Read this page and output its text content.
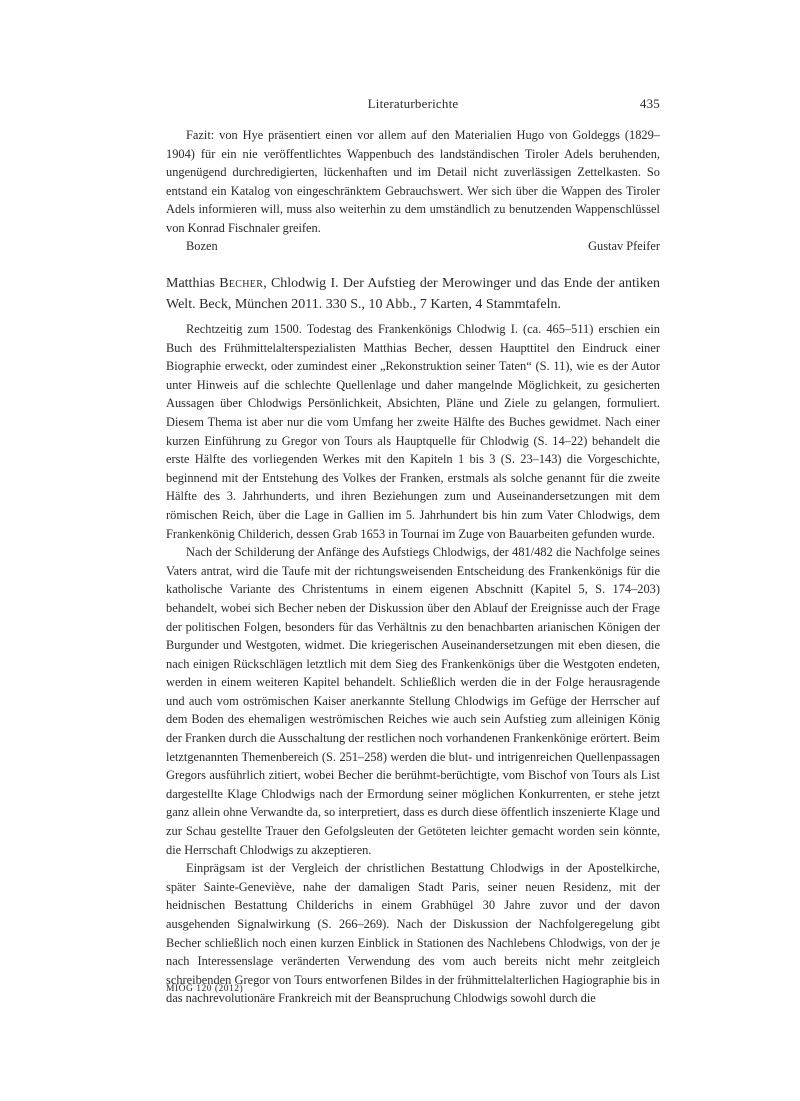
Literaturberichte	435

Fazit: von Hye präsentiert einen vor allem auf den Materialien Hugo von Goldeggs (1829–1904) für ein nie veröffentlichtes Wappenbuch des landständischen Tiroler Adels beruhenden, ungenügend durchredigierten, lückenhaften und im Detail nicht zuverlässigen Zettelkasten. So entstand ein Katalog von eingeschränktem Gebrauchswert. Wer sich über die Wappen des Tiroler Adels informieren will, muss also weiterhin zu dem umständlich zu benutzenden Wappenschlüssel von Konrad Fischnaler greifen.

Bozen	Gustav Pfeifer
Matthias Becher, Chlodwig I. Der Aufstieg der Merowinger und das Ende der antiken Welt. Beck, München 2011. 330 S., 10 Abb., 7 Karten, 4 Stammtafeln.

Rechtzeitig zum 1500. Todestag des Frankenkönigs Chlodwig I. (ca. 465–511) erschien ein Buch des Frühmittelalterspezialisten Matthias Becher, dessen Haupttitel den Eindruck einer Biographie erweckt, oder zumindest einer „Rekonstruktion seiner Taten“ (S. 11), wie es der Autor unter Hinweis auf die schlechte Quellenlage und daher mangelnde Möglichkeit, zu gesicherten Aussagen über Chlodwigs Persönlichkeit, Absichten, Pläne und Ziele zu gelangen, formuliert. Diesem Thema ist aber nur die vom Umfang her zweite Hälfte des Buches gewidmet. Nach einer kurzen Einführung zu Gregor von Tours als Hauptquelle für Chlodwig (S. 14–22) behandelt die erste Hälfte des vorliegenden Werkes mit den Kapiteln 1 bis 3 (S. 23–143) die Vorgeschichte, beginnend mit der Entstehung des Volkes der Franken, erstmals als solche genannt für die zweite Hälfte des 3. Jahrhunderts, und ihren Beziehungen zum und Auseinandersetzungen mit dem römischen Reich, über die Lage in Gallien im 5. Jahrhundert bis hin zum Vater Chlodwigs, dem Frankenkönig Childerich, dessen Grab 1653 in Tournai im Zuge von Bauarbeiten gefunden wurde.

Nach der Schilderung der Anfänge des Aufstiegs Chlodwigs, der 481/482 die Nachfolge seines Vaters antrat, wird die Taufe mit der richtungsweisenden Entscheidung des Frankenkönigs für die katholische Variante des Christentums in einem eigenen Abschnitt (Kapitel 5, S. 174–203) behandelt, wobei sich Becher neben der Diskussion über den Ablauf der Ereignisse auch der Frage der politischen Folgen, besonders für das Verhältnis zu den benachbarten arianischen Königen der Burgunder und Westgoten, widmet. Die kriegerischen Auseinandersetzungen mit eben diesen, die nach einigen Rückschlägen letztlich mit dem Sieg des Frankenkönigs über die Westgoten endeten, werden in einem weiteren Kapitel behandelt. Schließlich werden die in der Folge herausragende und auch vom oströmischen Kaiser anerkannte Stellung Chlodwigs im Gefüge der Herrscher auf dem Boden des ehemaligen weströmischen Reiches wie auch sein Aufstieg zum alleinigen König der Franken durch die Ausschaltung der restlichen noch vorhandenen Frankenkönige erörtert. Beim letztgenannten Themenbereich (S. 251–258) werden die blut- und intrigenreichen Quellenpassagen Gregors ausführlich zitiert, wobei Becher die berühmt-berüchtigte, vom Bischof von Tours als List dargestellte Klage Chlodwigs nach der Ermordung seiner möglichen Konkurrenten, er stehe jetzt ganz allein ohne Verwandte da, so interpretiert, dass es durch diese öffentlich inszenierte Klage und zur Schau gestellte Trauer den Gefolgsleuten der Getöteten leichter gemacht worden sein könnte, die Herrschaft Chlodwigs zu akzeptieren.

Einprägsam ist der Vergleich der christlichen Bestattung Chlodwigs in der Apostelkirche, später Sainte-Geneviève, nahe der damaligen Stadt Paris, seiner neuen Residenz, mit der heidnischen Bestattung Childerichs in einem Grabhügel 30 Jahre zuvor und der davon ausgehenden Signalwirkung (S. 266–269). Nach der Diskussion der Nachfolgeregelung gibt Becher schließlich noch einen kurzen Einblick in Stationen des Nachlebens Chlodwigs, von der je nach Interessenslage veränderten Verwendung des vom auch bereits nicht mehr zeitgleich schreibenden Gregor von Tours entworfenen Bildes in der frühmittelalterlichen Hagiographie bis in das nachrevolutionäre Frankreich mit der Beanspruchung Chlodwigs sowohl durch die

MIÖG 120 (2012)
